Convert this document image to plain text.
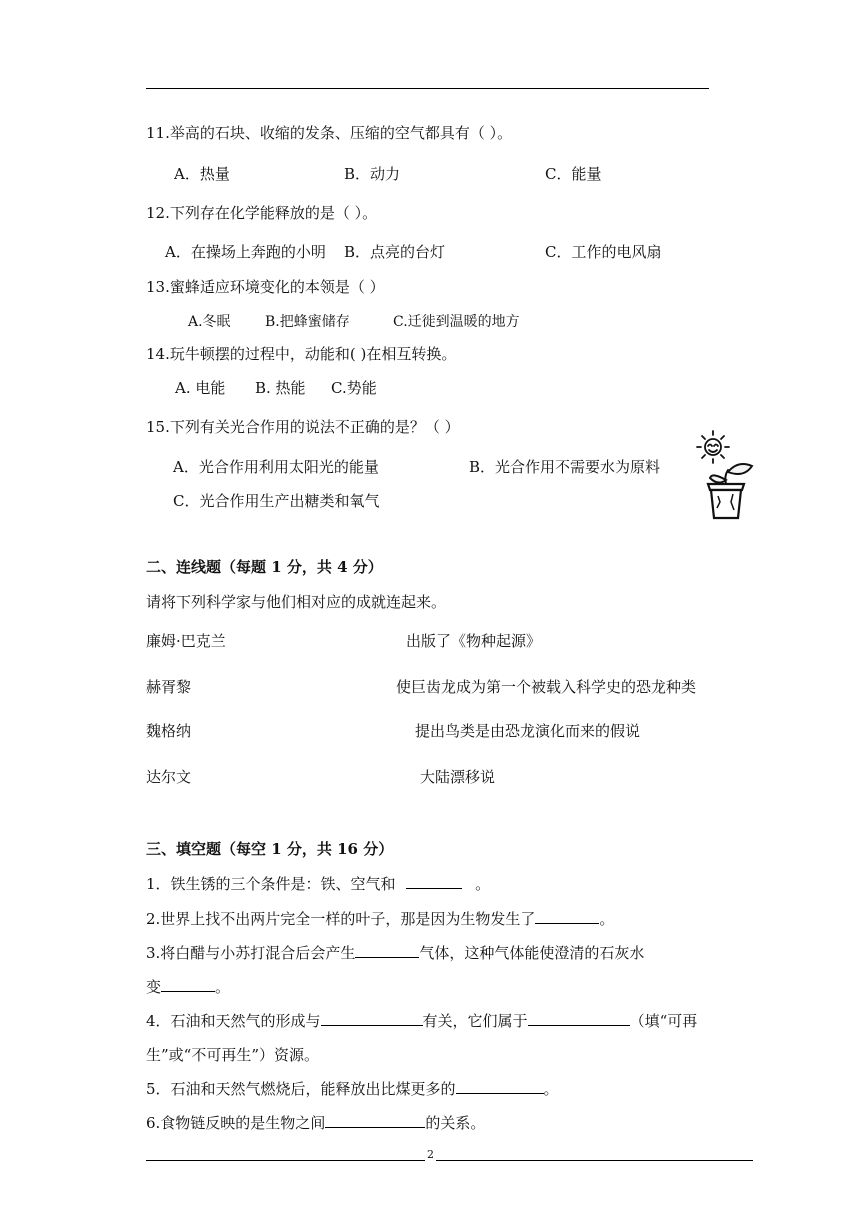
11.举高的石块、收缩的发条、压缩的空气都具有（ ）。
A．热量	B．动力	C．能量
12.下列存在化学能释放的是（ ）。
A．在操场上奔跑的小明 B．点亮的台灯	C．工作的电风扇
13.蜜蜂适应环境变化的本领是（ ）
A.冬眠 B.把蜂蜜储存	C.迁徙到温暖的地方
14.玩牛顿摆的过程中，动能和( )在相互转换。
A. 电能 B. 热能 C.势能
15.下列有关光合作用的说法不正确的是？（ ）
A．光合作用利用太阳光的能量	B．光合作用不需要水为原料
C．光合作用生产出糖类和氧气
二、连线题（每题 1 分，共 4 分）
请将下列科学家与他们相对应的成就连起来。
廉姆·巴克兰	出版了《物种起源》
赫胥黎	使巨齿龙成为第一个被载入科学史的恐龙种类
魏格纳	提出鸟类是由恐龙演化而来的假说
达尔文	大陆漂移说
三、填空题（每空 1 分，共 16 分）
1．铁生锈的三个条件是：铁、空气和	。
2.世界上找不出两片完全一样的叶子，那是因为生物发生了	。
3.将白醋与小苏打混合后会产生	气体，这种气体能使澄清的石灰水
变	。
4．石油和天然气的形成与	有关，它们属于	（填“可再
生”或“不可再生”）资源。
5．石油和天然气燃烧后，能释放出比煤更多的	。
6.食物链反映的是生物之间	的关系。
2
